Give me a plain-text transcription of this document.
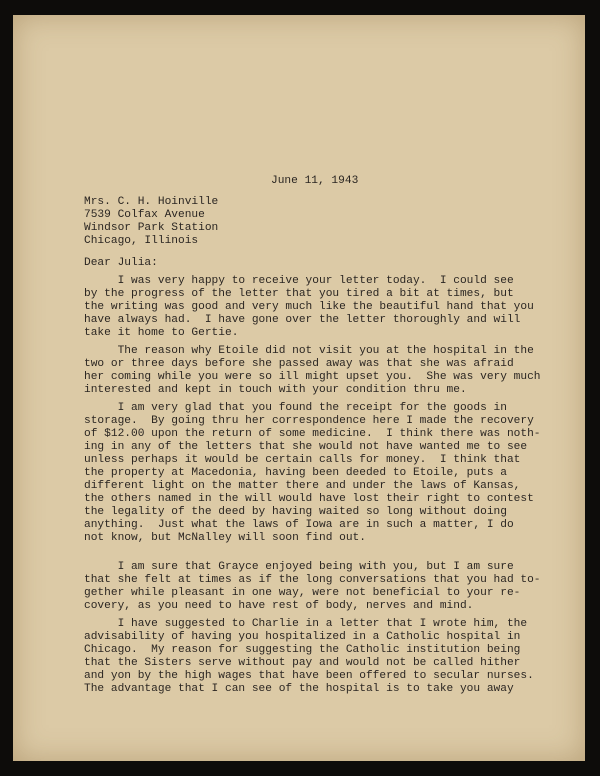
June 11, 1943
Mrs. C. H. Hoinville
7539 Colfax Avenue
Windsor Park Station
Chicago, Illinois
Dear Julia:
I was very happy to receive your letter today.  I could see
by the progress of the letter that you tired a bit at times, but
the writing was good and very much like the beautiful hand that you
have always had.  I have gone over the letter thoroughly and will
take it home to Gertie.
The reason why Etoile did not visit you at the hospital in the
two or three days before she passed away was that she was afraid
her coming while you were so ill might upset you.  She was very much
interested and kept in touch with your condition thru me.
I am very glad that you found the receipt for the goods in
storage.  By going thru her correspondence here I made the recovery
of $12.00 upon the return of some medicine.  I think there was noth-
ing in any of the letters that she would not have wanted me to see
unless perhaps it would be certain calls for money.  I think that
the property at Macedonia, having been deeded to Etoile, puts a
different light on the matter there and under the laws of Kansas,
the others named in the will would have lost their right to contest
the legality of the deed by having waited so long without doing
anything.  Just what the laws of Iowa are in such a matter, I do
not know, but McNalley will soon find out.
I am sure that Grayce enjoyed being with you, but I am sure
that she felt at times as if the long conversations that you had to-
gether while pleasant in one way, were not beneficial to your re-
covery, as you need to have rest of body, nerves and mind.
I have suggested to Charlie in a letter that I wrote him, the
advisability of having you hospitalized in a Catholic hospital in
Chicago.  My reason for suggesting the Catholic institution being
that the Sisters serve without pay and would not be called hither
and yon by the high wages that have been offered to secular nurses.
The advantage that I can see of the hospital is to take you away
